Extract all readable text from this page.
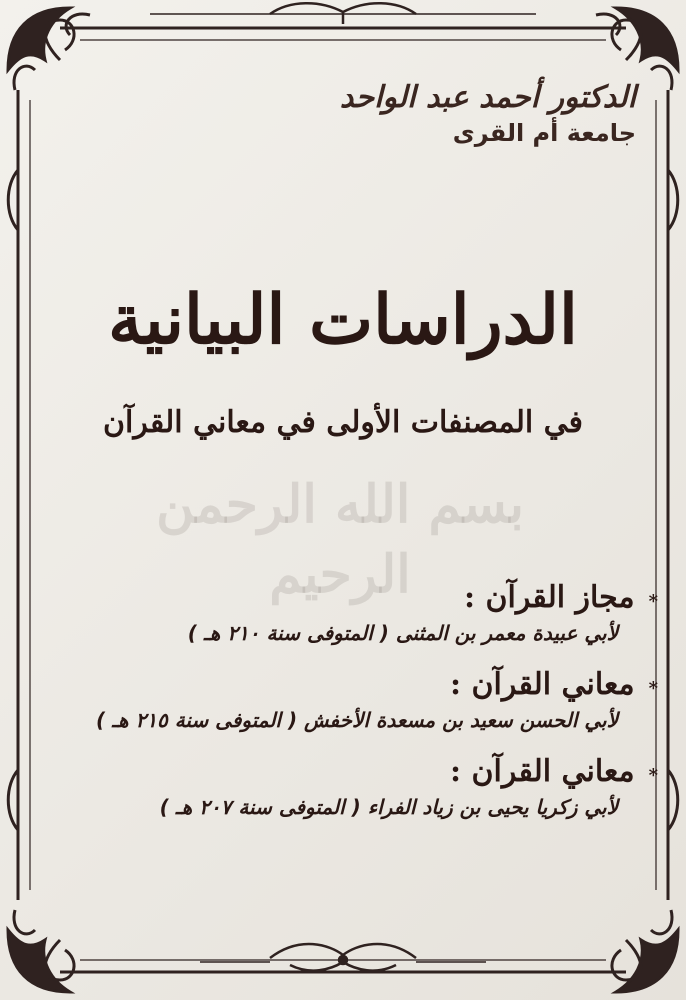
الدكتور أحمد عبد الواحد
جامعة أم القرى
الدراسات البيانية
في المصنفات الأولى في معاني القرآن
بسم الله الرحمن الرحيم	*
مجاز القرآن :
لأبي عبيدة معمر بن المثنى ( المتوفى سنة ٢١٠ هـ )
*
معاني القرآن :
لأبي الحسن سعيد بن مسعدة الأخفش ( المتوفى سنة ٢١٥ هـ )
*
معاني القرآن :
لأبي زكريا يحيى بن زياد الفراء ( المتوفى سنة ٢٠٧ هـ )
